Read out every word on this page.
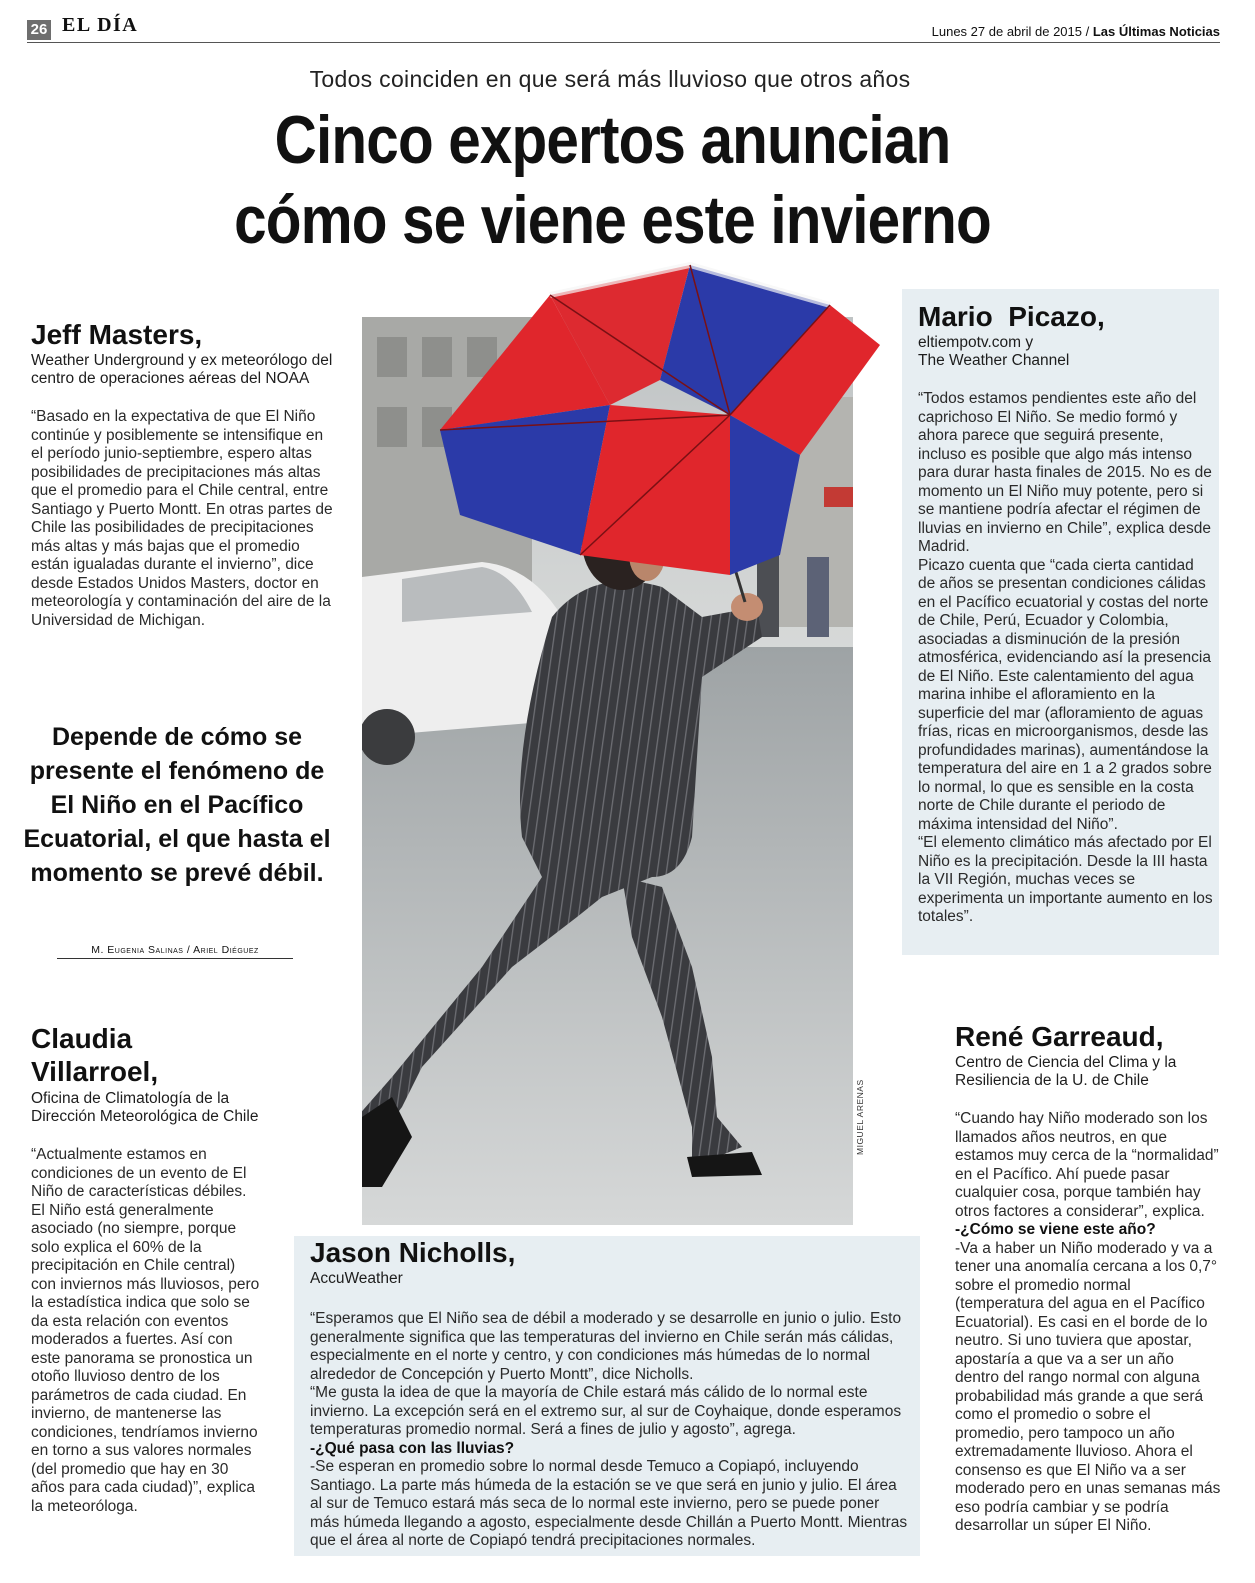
26 EL DÍA	Lunes 27 de abril de 2015 / Las Últimas Noticias
Todos coinciden en que será más lluvioso que otros años
Cinco expertos anuncian
cómo se viene este invierno
MIGUEL ARENAS
Jeff Masters,
Weather Underground y ex meteorólogo del centro de operaciones aéreas del NOAA
“Basado en la expectativa de que El Niño continúe y posiblemente se intensifique en el período junio-septiembre, espero altas posibilidades de precipitaciones más altas que el promedio para el Chile central, entre Santiago y Puerto Montt. En otras partes de Chile las posibilidades de precipitaciones más altas y más bajas que el promedio están igualadas durante el invierno”, dice desde Estados Unidos Masters, doctor en meteorología y contaminación del aire de la Universidad de Michigan.
Depende de cómo se presente el fenómeno de El Niño en el Pacífico Ecuatorial, el que hasta el momento se prevé débil.
M. Eugenia Salinas / Ariel Diéguez
Claudia
Villarroel,
Oficina de Climatología de la Dirección Meteorológica de Chile
“Actualmente estamos en condiciones de un evento de El Niño de características débiles. El Niño está generalmente asociado (no siempre, porque solo explica el 60% de la precipitación en Chile central) con inviernos más lluviosos, pero la estadística indica que solo se da esta relación con eventos moderados a fuertes. Así con este panorama se pronostica un otoño lluvioso dentro de los parámetros de cada ciudad. En invierno, de mantenerse las condiciones, tendríamos invierno en torno a sus valores normales (del promedio que hay en 30 años para cada ciudad)”, explica la meteoróloga.
Mario  Picazo,
eltiempotv.com y
The Weather Channel

“Todos estamos pendientes este año del caprichoso El Niño. Se medio formó y ahora parece que seguirá presente, incluso es posible que algo más intenso para durar hasta finales de 2015. No es de momento un El Niño muy potente, pero si se mantiene podría afectar el régimen de lluvias en invierno en Chile”, explica desde Madrid.

Picazo cuenta que “cada cierta cantidad de años se presentan condiciones cálidas en el Pacífico ecuatorial y costas del norte de Chile, Perú, Ecuador y Colombia, asociadas a disminución de la presión atmosférica, evidenciando así la presencia de El Niño. Este calentamiento del agua marina inhibe el afloramiento en la superficie del mar (afloramiento de aguas frías, ricas en microorganismos, desde las profundidades marinas), aumentándose la temperatura del aire en 1 a 2 grados sobre lo normal, lo que es sensible en la costa norte de Chile durante el periodo de máxima intensidad del Niño”.

“El elemento climático más afectado por El Niño es la precipitación. Desde la III hasta la VII Región, muchas veces se experimenta un importante aumento en los totales”.

René Garreaud,
Centro de Ciencia del Clima y la Resiliencia de la U. de Chile

“Cuando hay Niño moderado son los llamados años neutros, en que estamos muy cerca de la “normalidad” en el Pacífico. Ahí puede pasar cualquier cosa, porque también hay otros factores a considerar”, explica.

-¿Cómo se viene este año?

-Va a haber un Niño moderado y va a tener una anomalía cercana a los 0,7° sobre el promedio normal (temperatura del agua en el Pacífico Ecuatorial). Es casi en el borde de lo neutro. Si uno tuviera que apostar, apostaría a que va a ser un año dentro del rango normal con alguna probabilidad más grande a que será como el promedio o sobre el promedio, pero tampoco un año extremadamente lluvioso. Ahora el consenso es que El Niño va a ser moderado pero en unas semanas más eso podría cambiar y se podría desarrollar un súper El Niño.

Jason Nicholls,
AccuWeather

“Esperamos que El Niño sea de débil a moderado y se desarrolle en junio o julio. Esto generalmente significa que las temperaturas del invierno en Chile serán más cálidas, especialmente en el norte y centro, y con condiciones más húmedas de lo normal alrededor de Concepción y Puerto Montt”, dice Nicholls.

“Me gusta la idea de que la mayoría de Chile estará más cálido de lo normal este invierno. La excepción será en el extremo sur, al sur de Coyhaique, donde esperamos temperaturas promedio normal. Será a fines de julio y agosto”, agrega.

-¿Qué pasa con las lluvias?

-Se esperan en promedio sobre lo normal desde Temuco a Copiapó, incluyendo Santiago. La parte más húmeda de la estación se ve que será en junio y julio. El área al sur de Temuco estará más seca de lo normal este invierno, pero se puede poner más húmeda llegando a agosto, especialmente desde Chillán a Puerto Montt. Mientras que el área al norte de Copiapó tendrá precipitaciones normales.
